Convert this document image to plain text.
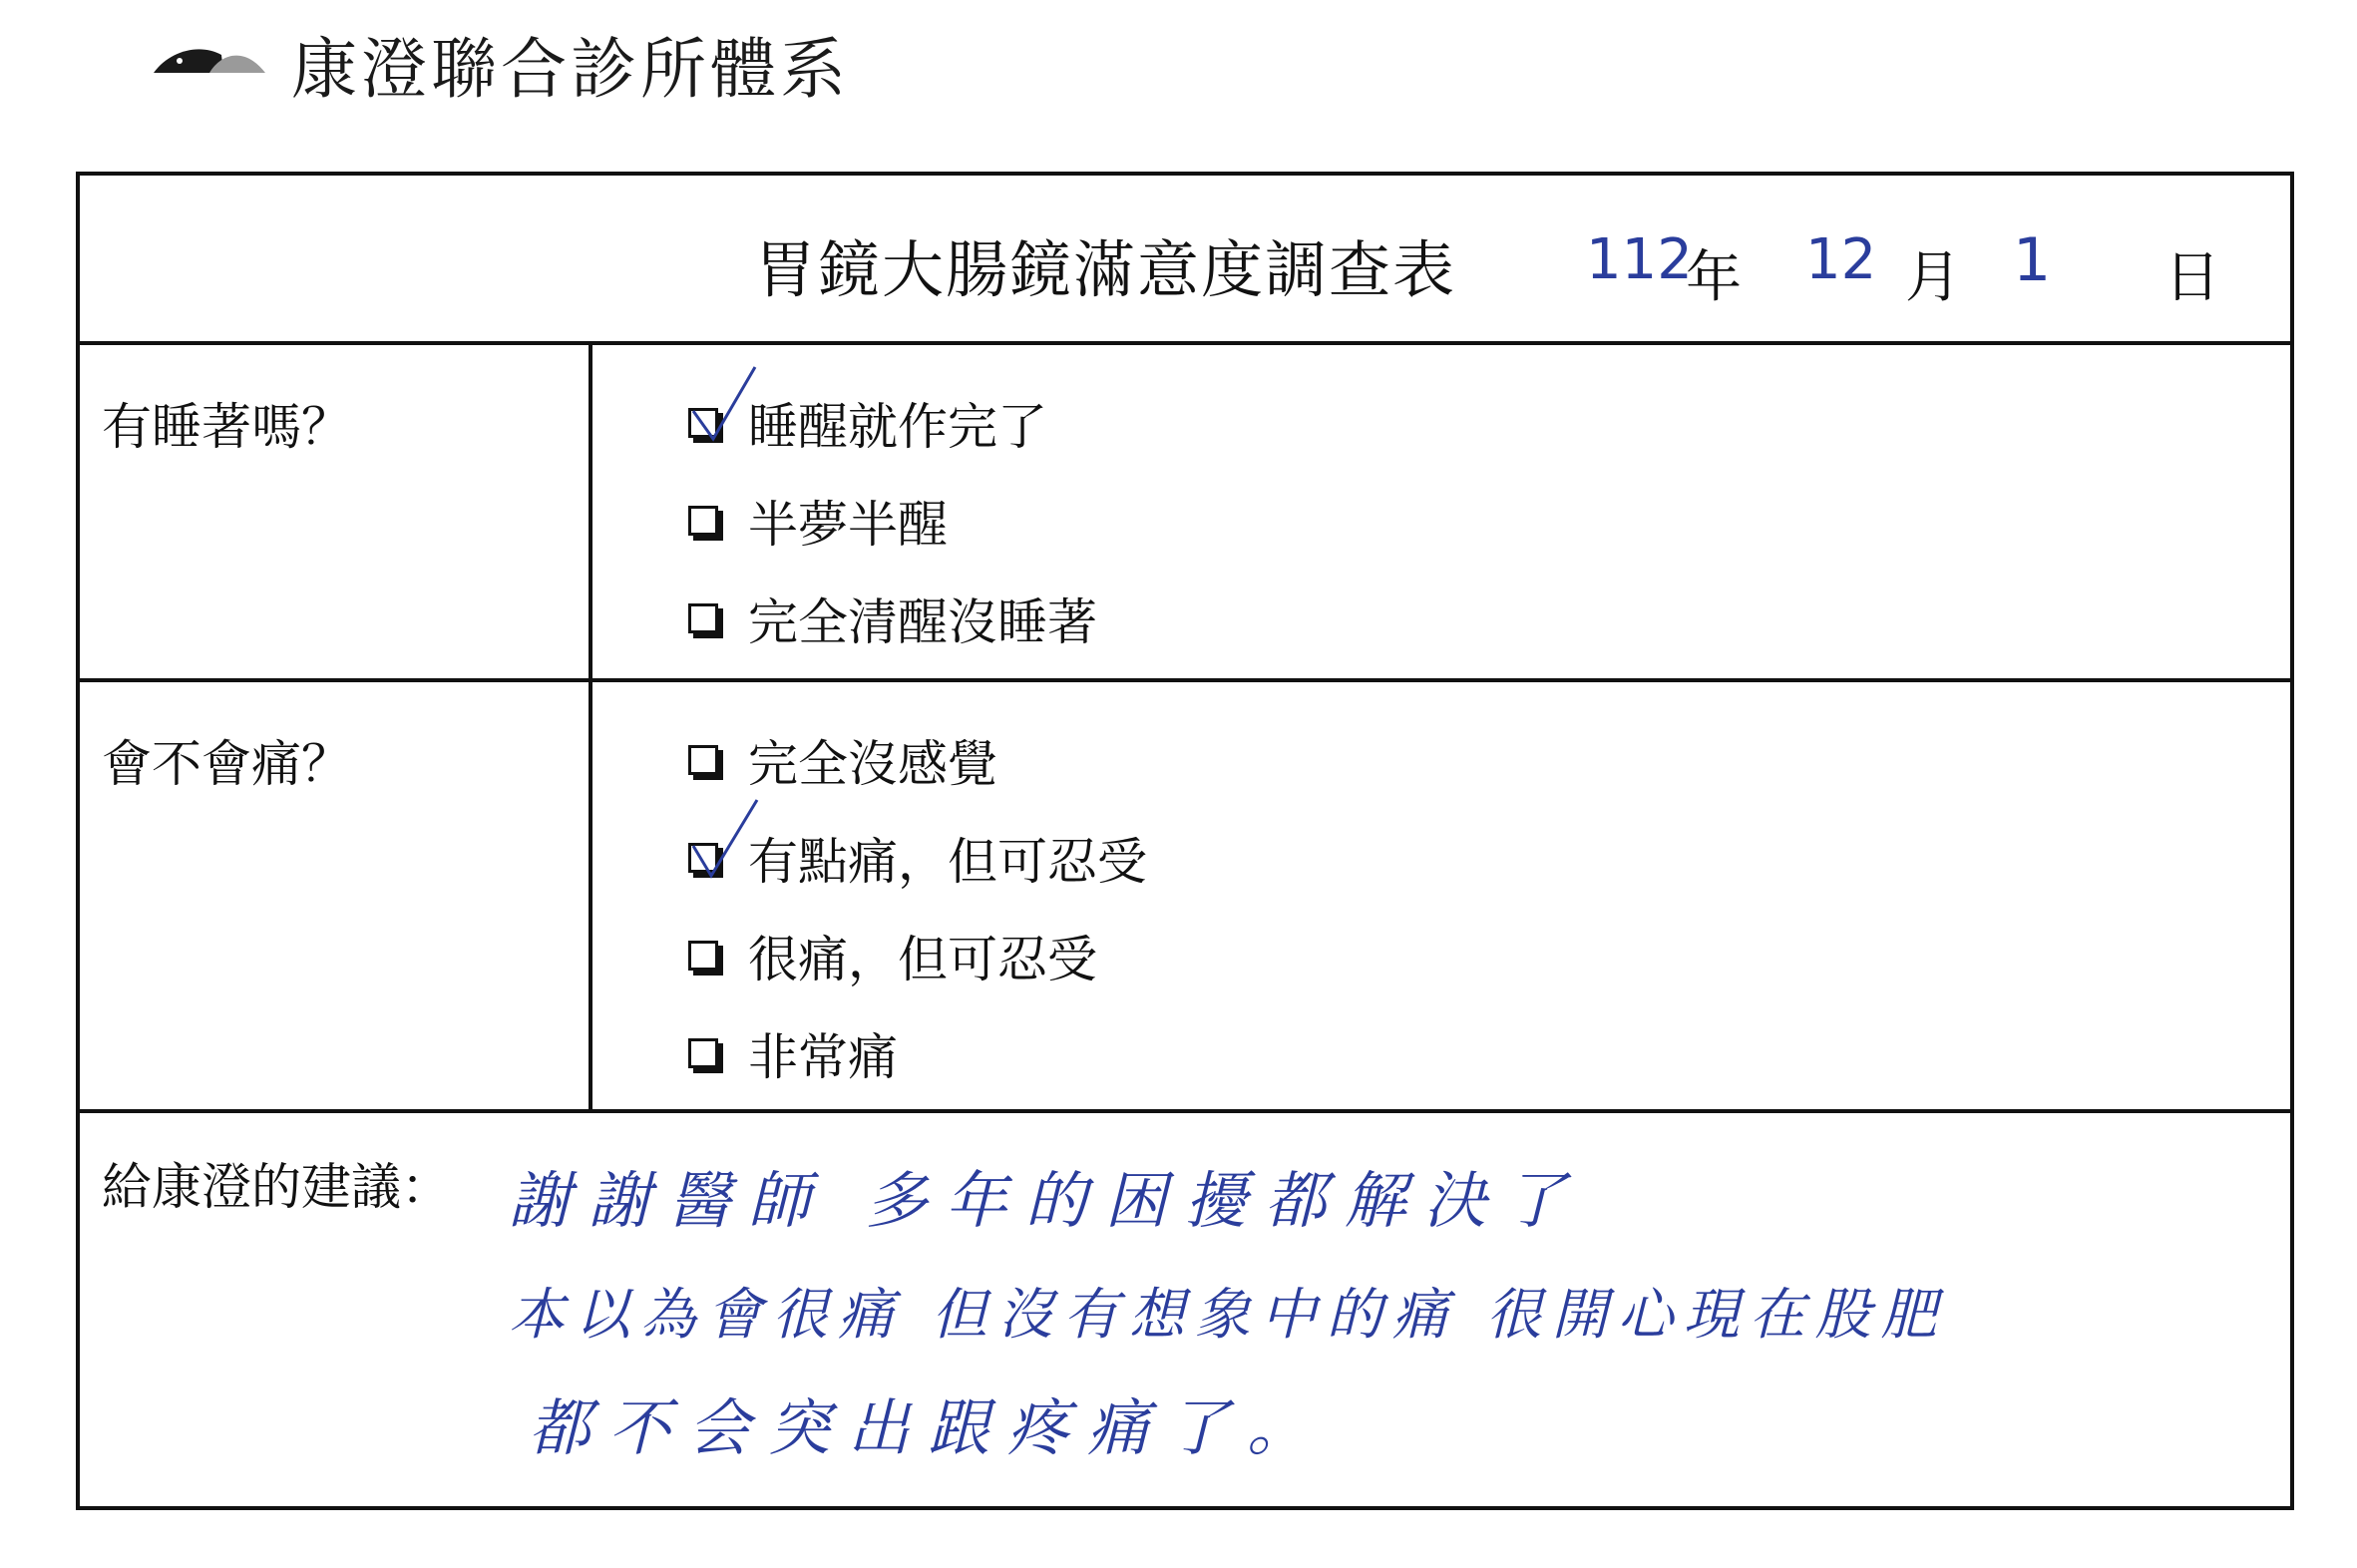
康澄聯合診所體系
胃鏡大腸鏡滿意度調查表 112
年 12 月 1 日
有睡著嗎？	睡醒就作完了
半夢半醒
完全清醒沒睡著
會不會痛？	完全沒感覺
有點痛，但可忍受
很痛，但可忍受
非常痛
給康澄的建議： 謝謝醫師 多年的困擾都解決了
本以為會很痛 但沒有想象中的痛 很開心現在股肥
都不会突出跟疼痛了。
